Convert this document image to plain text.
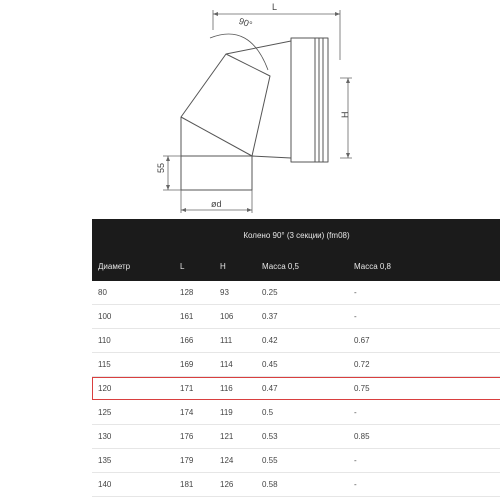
L
90°
H
55
ød
Колено 90° (3 секции) (fm08)
Диаметр	L	H	Масса 0,5	Масса 0,8
80	128	93	0.25	-
100	161	106	0.37	-
110	166	111	0.42	0.67
115	169	114	0.45	0.72
120	171	116	0.47	0.75
125	174	119	0.5	-
130	176	121	0.53	0.85
135	179	124	0.55	-
140	181	126	0.58	-
